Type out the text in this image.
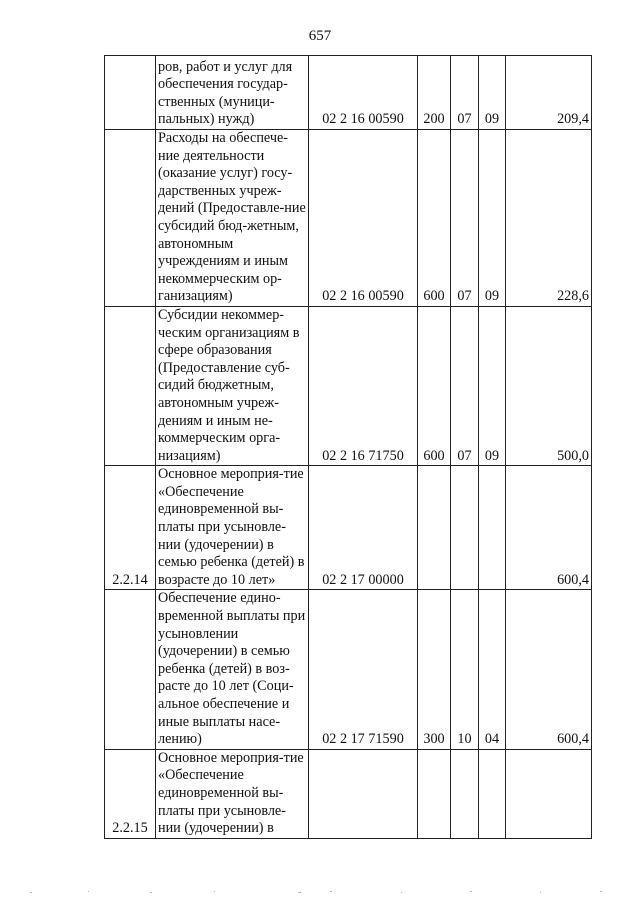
657
	ров, работ и услуг для обеспечения государ-ственных (муници-пальных) нужд)	02 2 16 00590	200	07	09	209,4
	Расходы на обеспече-ние деятельности (оказание услуг) госу-дарственных учреж-дений (Предоставле-ние субсидий бюд-жетным, автономным учреждениям и иным некоммерческим ор-ганизациям)	02 2 16 00590	600	07	09	228,6
	Субсидии некоммер-ческим организациям в сфере образования (Предоставление суб-сидий бюджетным, автономным учреж-дениям и иным не-коммерческим орга-низациям)	02 2 16 71750	600	07	09	500,0
2.2.14	Основное мероприя-тие «Обеспечение единовременной вы-платы при усыновле-нии (удочерении) в семью ребенка (детей) в возрасте до 10 лет»	02 2 17 00000				600,4
	Обеспечение едино-временной выплаты при усыновлении (удочерении) в семью ребенка (детей) в воз-расте до 10 лет (Соци-альное обеспечение и иные выплаты насе-лению)	02 2 17 71590	300	10	04	600,4
2.2.15	Основное мероприя-тие «Обеспечение единовременной вы-платы при усыновле-нии (удочерении) в					
